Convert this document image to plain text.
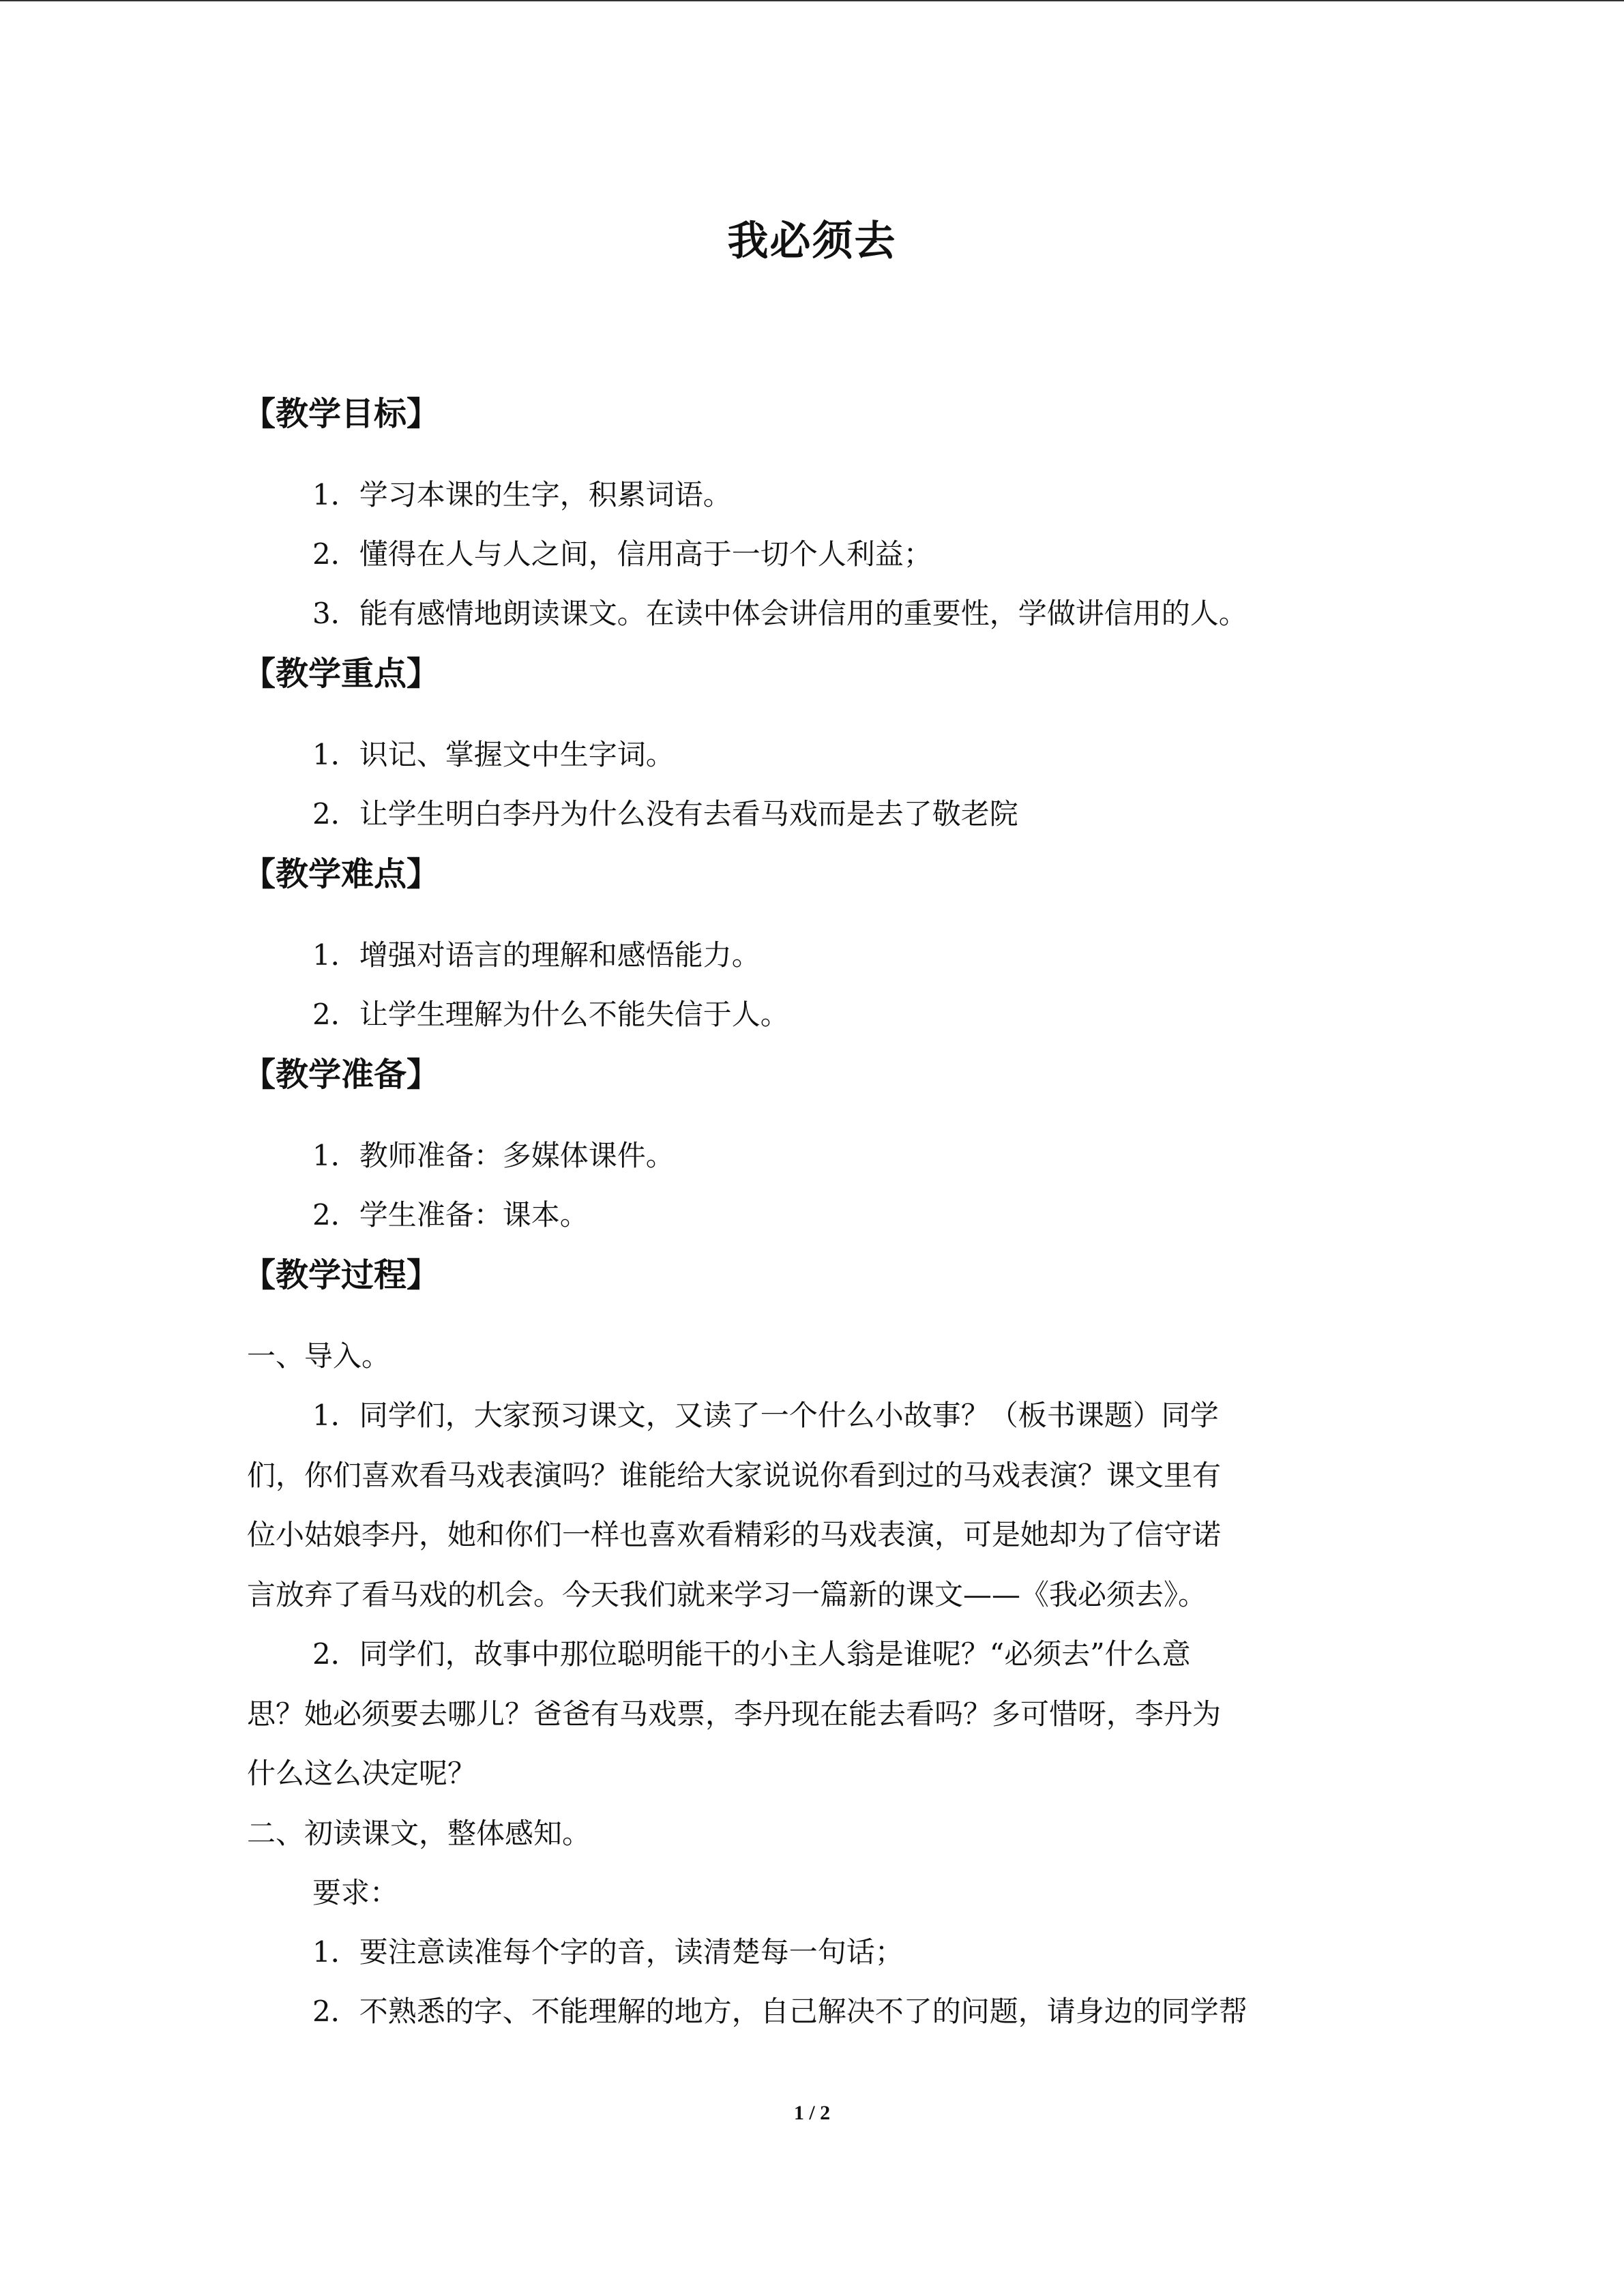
我必须去
【教学目标】
1．学习本课的生字，积累词语。
2．懂得在人与人之间，信用高于一切个人利益；
3．能有感情地朗读课文。在读中体会讲信用的重要性，学做讲信用的人。
【教学重点】
1．识记、掌握文中生字词。
2．让学生明白李丹为什么没有去看马戏而是去了敬老院
【教学难点】
1．增强对语言的理解和感悟能力。
2．让学生理解为什么不能失信于人。
【教学准备】
1．教师准备：多媒体课件。
2．学生准备：课本。
【教学过程】
一、导入。
1．同学们，大家预习课文，又读了一个什么小故事？（板书课题）同学
们，你们喜欢看马戏表演吗？谁能给大家说说你看到过的马戏表演？课文里有
位小姑娘李丹，她和你们一样也喜欢看精彩的马戏表演，可是她却为了信守诺
言放弃了看马戏的机会。今天我们就来学习一篇新的课文——《我必须去》。
2．同学们，故事中那位聪明能干的小主人翁是谁呢？“必须去”什么意
思？她必须要去哪儿？爸爸有马戏票，李丹现在能去看吗？多可惜呀，李丹为
什么这么决定呢？
二、初读课文，整体感知。
要求：
1．要注意读准每个字的音，读清楚每一句话；
2．不熟悉的字、不能理解的地方，自己解决不了的问题，请身边的同学帮
1 / 2
